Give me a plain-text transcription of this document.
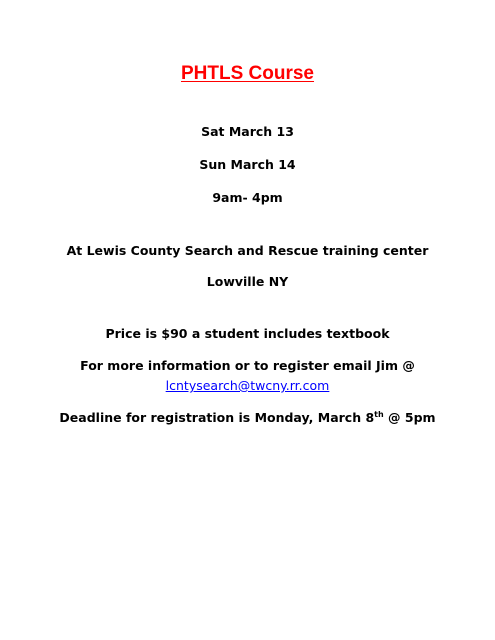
PHTLS Course
Sat March 13
Sun March 14
9am- 4pm
At Lewis County Search and Rescue training center
Lowville NY
Price is $90 a student includes textbook
For more information or to register email Jim @
lcntysearch@twcny.rr.com
Deadline for registration is Monday, March 8th @ 5pm
